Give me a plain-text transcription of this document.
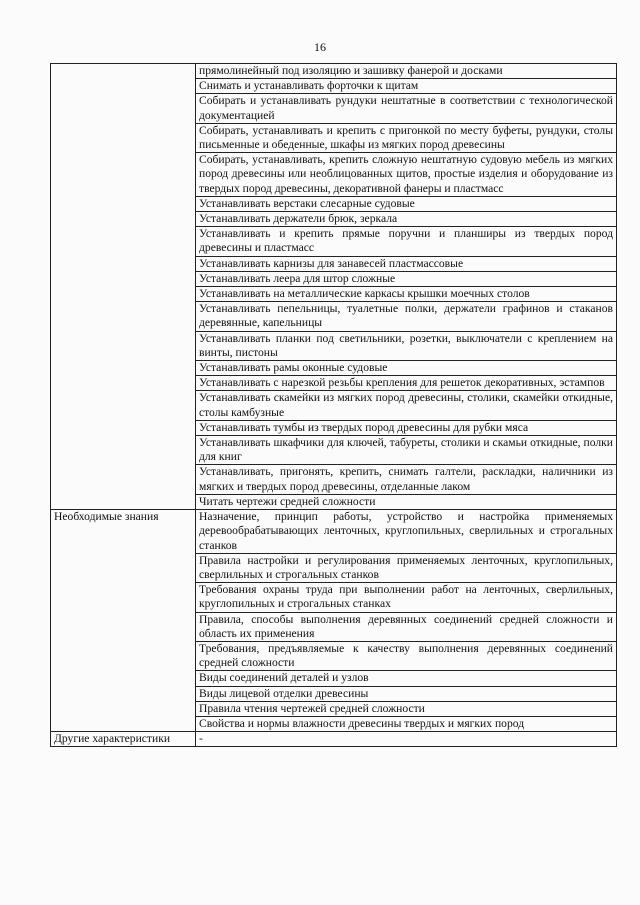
16
	прямолинейный под изоляцию и зашивку фанерой и досками
	Снимать и устанавливать форточки к щитам
	Собирать и устанавливать рундуки нештатные в соответствии с технологической документацией
	Собирать, устанавливать и крепить с пригонкой по месту буфеты, рундуки, столы письменные и обеденные, шкафы из мягких пород древесины
	Собирать, устанавливать, крепить сложную нештатную судовую мебель из мягких пород древесины или необлицованных щитов, простые изделия и оборудование из твердых пород древесины, декоративной фанеры и пластмасс
	Устанавливать верстаки слесарные судовые
	Устанавливать держатели брюк, зеркала
	Устанавливать и крепить прямые поручни и планширы из твердых пород древесины и пластмасс
	Устанавливать карнизы для занавесей пластмассовые
	Устанавливать леера для штор сложные
	Устанавливать на металлические каркасы крышки моечных столов
	Устанавливать пепельницы, туалетные полки, держатели графинов и стаканов деревянные, капельницы
	Устанавливать планки под светильники, розетки, выключатели с креплением на винты, пистоны
	Устанавливать рамы оконные судовые
	Устанавливать с нарезкой резьбы крепления для решеток декоративных, эстампов
	Устанавливать скамейки из мягких пород древесины, столики, скамейки откидные, столы камбузные
	Устанавливать тумбы из твердых пород древесины для рубки мяса
	Устанавливать шкафчики для ключей, табуреты, столики и скамьи откидные, полки для книг
	Устанавливать, пригонять, крепить, снимать галтели, раскладки, наличники из мягких и твердых пород древесины, отделанные лаком
	Читать чертежи средней сложности
Необходимые знания	Назначение, принцип работы, устройство и настройка применяемых деревообрабатывающих ленточных, круглопильных, сверлильных и строгальных станков
	Правила настройки и регулирования применяемых ленточных, круглопильных, сверлильных и строгальных станков
	Требования охраны труда при выполнении работ на ленточных, сверлильных, круглопильных и строгальных станках
	Правила, способы выполнения деревянных соединений средней сложности и область их применения
	Требования, предъявляемые к качеству выполнения деревянных соединений средней сложности
	Виды соединений деталей и узлов
	Виды лицевой отделки древесины
	Правила чтения чертежей средней сложности
	Свойства и нормы влажности древесины твердых и мягких пород
Другие характеристики	-
